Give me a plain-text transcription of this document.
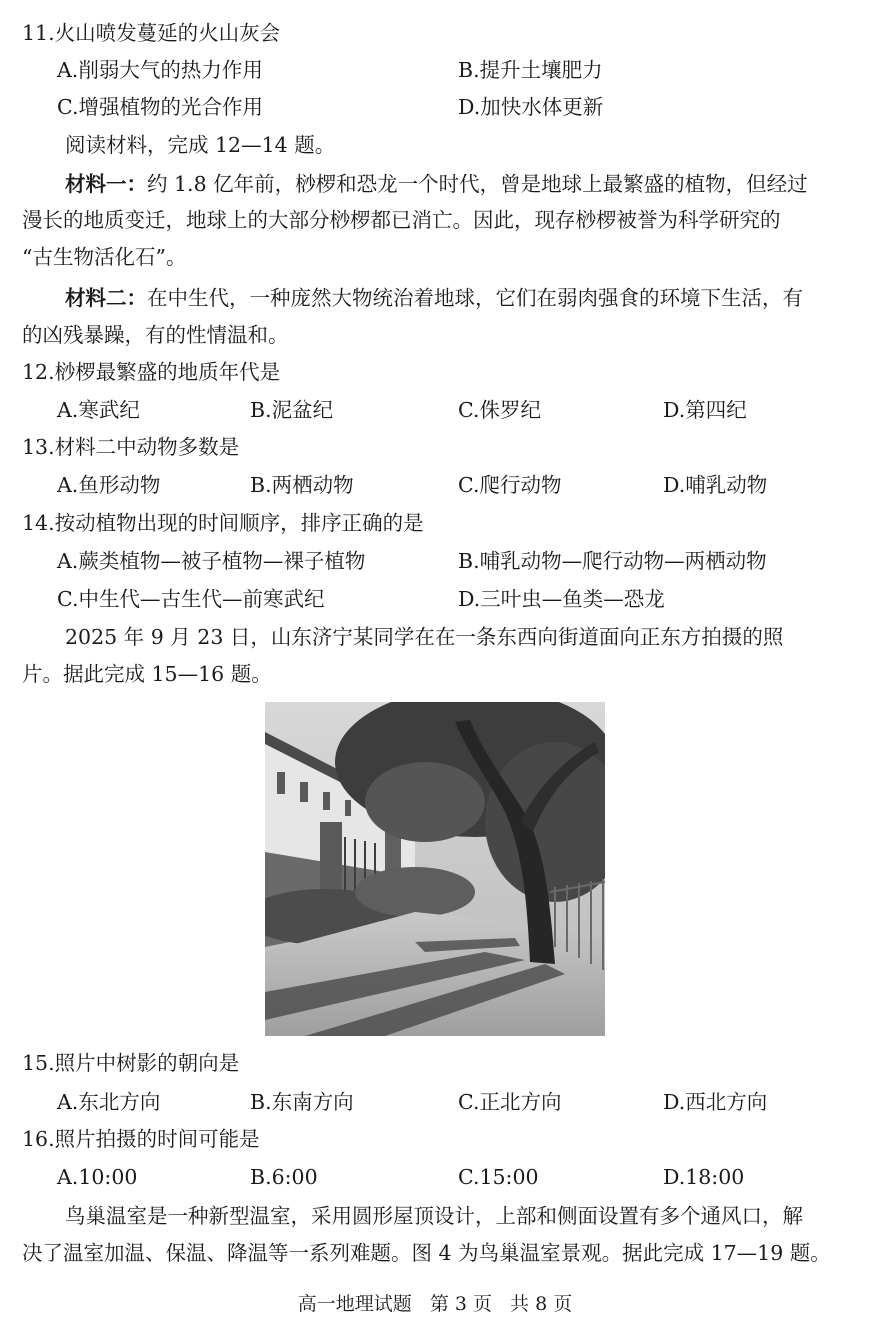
11.火山喷发蔓延的火山灰会
A.削弱大气的热力作用	B.提升土壤肥力
C.增强植物的光合作用	D.加快水体更新
阅读材料，完成 12—14 题。
材料一：约 1.8 亿年前，桫椤和恐龙一个时代，曾是地球上最繁盛的植物，但经过
漫长的地质变迁，地球上的大部分桫椤都已消亡。因此，现存桫椤被誉为科学研究的
“古生物活化石”。
材料二：在中生代，一种庞然大物统治着地球，它们在弱肉强食的环境下生活，有
的凶残暴躁，有的性情温和。
12.桫椤最繁盛的地质年代是
A.寒武纪	B.泥盆纪	C.侏罗纪	D.第四纪
13.材料二中动物多数是
A.鱼形动物	B.两栖动物	C.爬行动物	D.哺乳动物
14.按动植物出现的时间顺序，排序正确的是
A.蕨类植物—被子植物—裸子植物	B.哺乳动物—爬行动物—两栖动物
C.中生代—古生代—前寒武纪	D.三叶虫—鱼类—恐龙
2025 年 9 月 23 日，山东济宁某同学在在一条东西向街道面向正东方拍摄的照
片。据此完成 15—16 题。
15.照片中树影的朝向是
A.东北方向	B.东南方向	C.正北方向	D.西北方向
16.照片拍摄的时间可能是
A.10:00	B.6:00	C.15:00	D.18:00
鸟巢温室是一种新型温室，采用圆形屋顶设计，上部和侧面设置有多个通风口，解
决了温室加温、保温、降温等一系列难题。图 4 为鸟巢温室景观。据此完成 17—19 题。
高一地理试题 第 3 页 共 8 页
